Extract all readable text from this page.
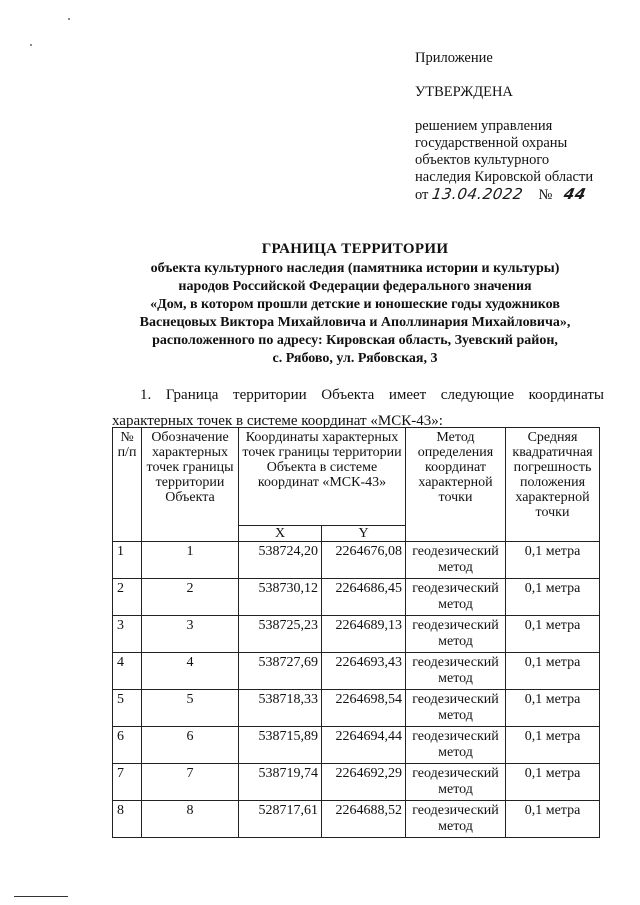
Приложение
УТВЕРЖДЕНА
решением управления
государственной охраны
объектов культурного
наследия Кировской области
от 13.04.2022 № 44
ГРАНИЦА ТЕРРИТОРИИ
объекта культурного наследия (памятника истории и культуры)
народов Российской Федерации федерального значения
«Дом, в котором прошли детские и юношеские годы художников
Васнецовых Виктора Михайловича и Аполлинария Михайловича»,
расположенного по адресу: Кировская область, Зуевский район,
с. Рябово, ул. Рябовская, 3
1. Граница территории Объекта имеет следующие координаты характерных точек в системе координат «МСК-43»:
№ п/п	Обозначение характерных точек границы территории Объекта	Координаты характерных точек границы территории Объекта в системе координат «МСК-43»		Метод определения координат характерной точки	Средняя квадратичная погрешность положения характерной точки
		X	Y		
1	1	538724,20	2264676,08	геодезический метод	0,1 метра
2	2	538730,12	2264686,45	геодезический метод	0,1 метра
3	3	538725,23	2264689,13	геодезический метод	0,1 метра
4	4	538727,69	2264693,43	геодезический метод	0,1 метра
5	5	538718,33	2264698,54	геодезический метод	0,1 метра
6	6	538715,89	2264694,44	геодезический метод	0,1 метра
7	7	538719,74	2264692,29	геодезический метод	0,1 метра
8	8	528717,61	2264688,52	геодезический метод	0,1 метра
